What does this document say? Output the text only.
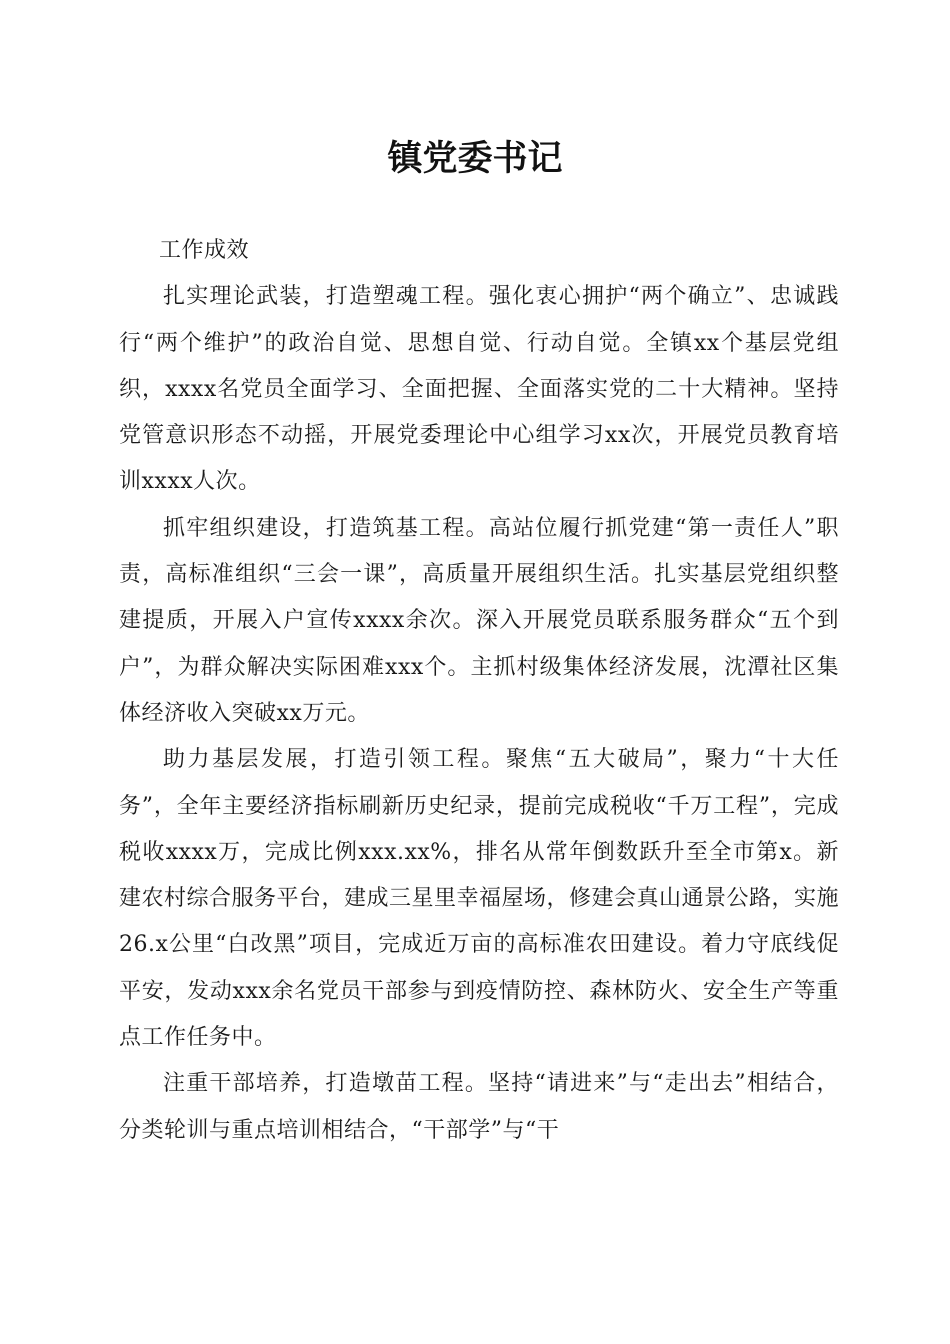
镇党委书记

工作成效

扎实理论武装，打造塑魂工程。强化衷心拥护“两个确立”、忠诚践行“两个维护”的政治自觉、思想自觉、行动自觉。全镇xx个基层党组织，xxxx名党员全面学习、全面把握、全面落实党的二十大精神。坚持党管意识形态不动摇，开展党委理论中心组学习xx次，开展党员教育培训xxxx人次。

抓牢组织建设，打造筑基工程。高站位履行抓党建“第一责任人”职责，高标准组织“三会一课”，高质量开展组织生活。扎实基层党组织整建提质，开展入户宣传xxxx余次。深入开展党员联系服务群众“五个到户”，为群众解决实际困难xxx个。主抓村级集体经济发展，沈潭社区集体经济收入突破xx万元。

助力基层发展，打造引领工程。聚焦“五大破局”，聚力“十大任务”，全年主要经济指标刷新历史纪录，提前完成税收“千万工程”，完成税收xxxx万，完成比例xxx.xx%，排名从常年倒数跃升至全市第x。新建农村综合服务平台，建成三星里幸福屋场，修建会真山通景公路，实施26.x公里“白改黑”项目，完成近万亩的高标准农田建设。着力守底线促平安，发动xxx余名党员干部参与到疫情防控、森林防火、安全生产等重点工作任务中。

注重干部培养，打造墩苗工程。坚持“请进来”与“走出去”相结合，分类轮训与重点培训相结合，“干部学”与“干
